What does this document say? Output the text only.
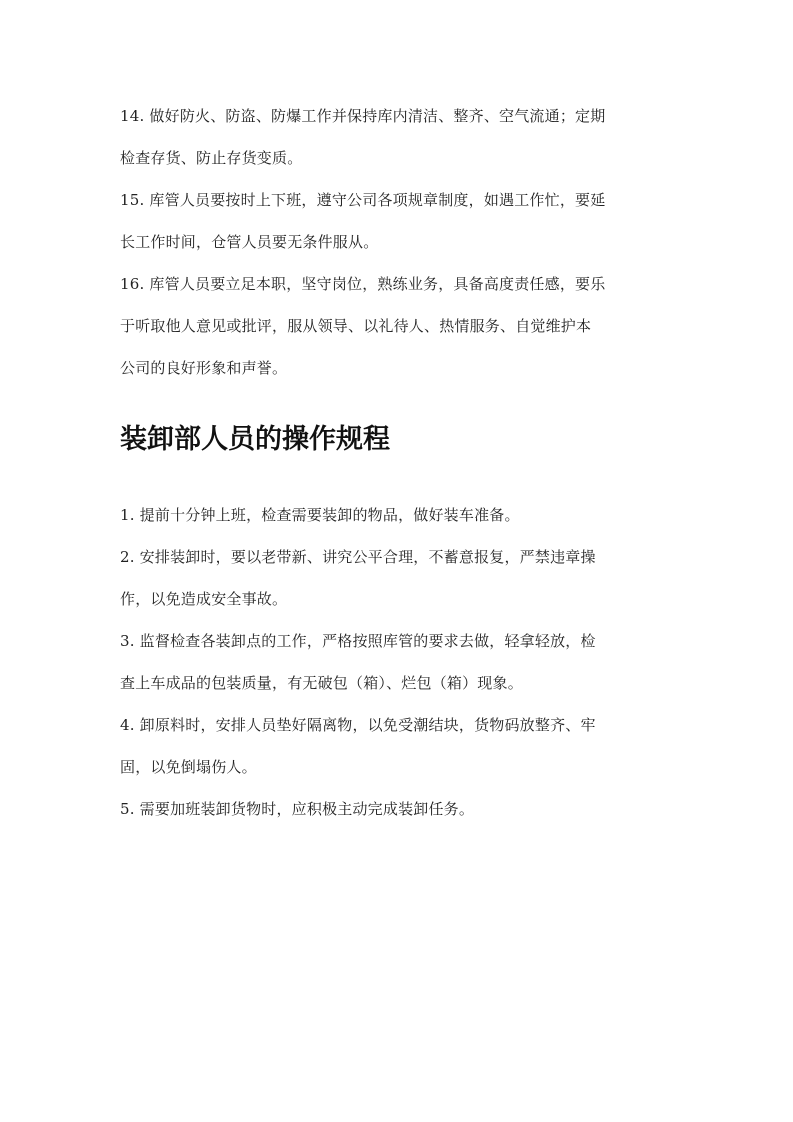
14. 做好防火、防盗、防爆工作并保持库内清洁、整齐、空气流通；定期
检查存货、防止存货变质。

15. 库管人员要按时上下班，遵守公司各项规章制度，如遇工作忙，要延
长工作时间，仓管人员要无条件服从。

16. 库管人员要立足本职，坚守岗位，熟练业务，具备高度责任感，要乐
于听取他人意见或批评，服从领导、以礼待人、热情服务、自觉维护本
公司的良好形象和声誉。

装卸部人员的操作规程

1. 提前十分钟上班，检查需要装卸的物品，做好装车准备。

2. 安排装卸时，要以老带新、讲究公平合理，不蓄意报复，严禁违章操
作，以免造成安全事故。

3. 监督检查各装卸点的工作，严格按照库管的要求去做，轻拿轻放，检
查上车成品的包装质量，有无破包（箱）、烂包（箱）现象。

4. 卸原料时，安排人员垫好隔离物，以免受潮结块，货物码放整齐、牢
固，以免倒塌伤人。

5. 需要加班装卸货物时，应积极主动完成装卸任务。
